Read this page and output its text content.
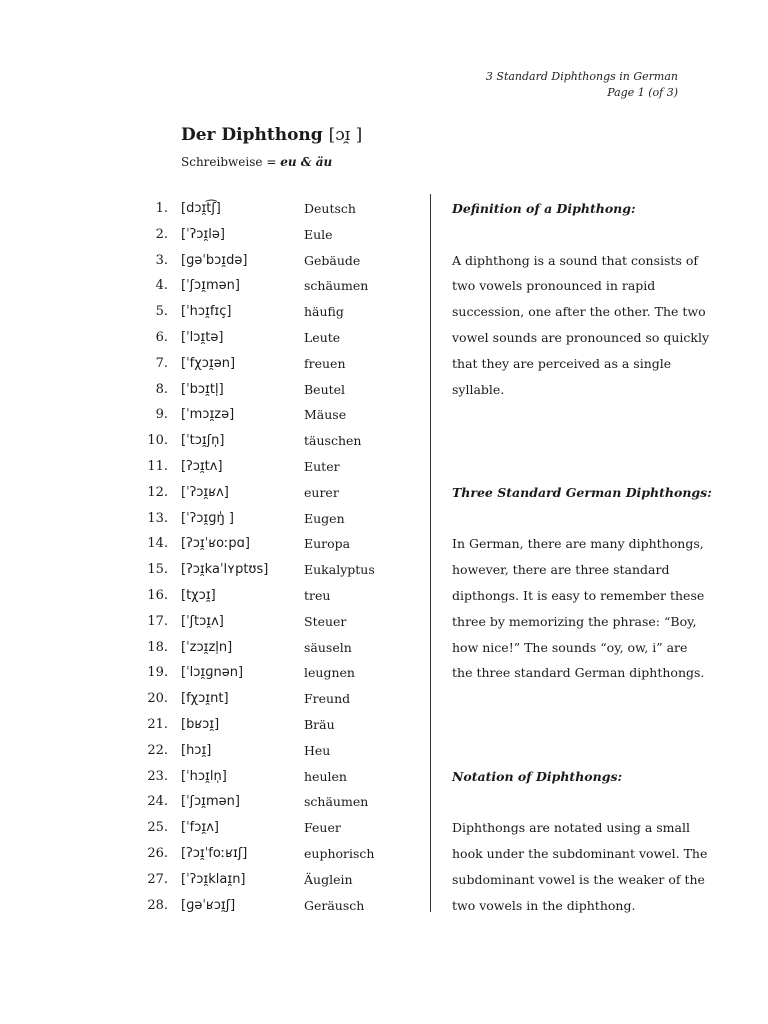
3 Standard Diphthongs in German
Page 1 (of 3)
Der Diphthong [ɔɪ̯ ]
Schreibweise = eu & äu
1. [dɔɪ̯t͡ʃ]	Deutsch
2. [ˈʔɔɪ̯lə]	Eule
3. [ɡəˈbɔɪ̯də]	Gebäude
4. [ˈʃɔɪ̯mən]	schäumen
5. [ˈhɔɪ̯fɪç]	häufig
6. [ˈlɔɪ̯tə]	Leute
7. [ˈfχɔɪ̯ən]	freuen
8. [ˈbɔɪ̯tl̩]	Beutel
9. [ˈmɔɪ̯zə]	Mäuse
10. [ˈtɔɪ̯ʃn̩]	täuschen
11. [ʔɔɪ̯tʌ]	Euter
12. [ˈʔɔɪ̯ʁʌ]	eurer
13. [ˈʔɔɪ̯ɡŋ̍ ]	Eugen
14. [ʔɔɪ̯ˈʁoːpɑ]	Europa
15. [ʔɔɪ̯kaˈlʏptʊs]	Eukalyptus
16. [tχɔɪ̯]	treu
17. [ˈʃtɔɪ̯ʌ]	Steuer
18. [ˈzɔɪ̯zl̩n]	säuseln
19. [ˈlɔɪ̯ɡnən]	leugnen
20. [fχɔɪ̯nt]	Freund
21. [bʁɔɪ̯]	Bräu
22. [hɔɪ̯]	Heu
23. [ˈhɔɪ̯ln̩]	heulen
24. [ˈʃɔɪ̯mən]	schäumen
25. [ˈfɔɪ̯ʌ]	Feuer
26. [ʔɔɪ̯ˈfoːʁɪʃ]	euphorisch
27. [ˈʔɔɪ̯klaɪ̯n]	Äuglein
28. [ɡəˈʁɔɪ̯ʃ]	Geräusch
Definition of a Diphthong:
A diphthong is a sound that consists of
two vowels pronounced in rapid
succession, one after the other. The two
vowel sounds are pronounced so quickly
that they are perceived as a single
syllable.
Three Standard German Diphthongs:
In German, there are many diphthongs,
however, there are three standard
dipthongs. It is easy to remember these
three by memorizing the phrase: “Boy,
how nice!” The sounds “oy, ow, i” are
the three standard German diphthongs.
Notation of Diphthongs:
Diphthongs are notated using a small
hook under the subdominant vowel. The
subdominant vowel is the weaker of the
two vowels in the diphthong.
